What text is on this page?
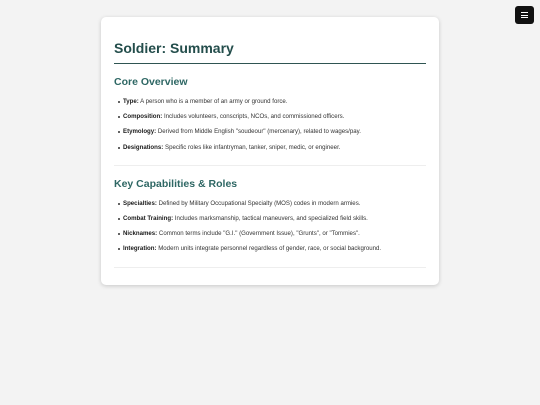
Soldier: Summary
Core Overview
Type: A person who is a member of an army or ground force.
Composition: Includes volunteers, conscripts, NCOs, and commissioned officers.
Etymology: Derived from Middle English "soudeour" (mercenary), related to wages/pay.
Designations: Specific roles like infantryman, tanker, sniper, medic, or engineer.
Key Capabilities & Roles
Specialties: Defined by Military Occupational Specialty (MOS) codes in modern armies.
Combat Training: Includes marksmanship, tactical maneuvers, and specialized field skills.
Nicknames: Common terms include "G.I." (Government Issue), "Grunts", or "Tommies".
Integration: Modern units integrate personnel regardless of gender, race, or social background.
